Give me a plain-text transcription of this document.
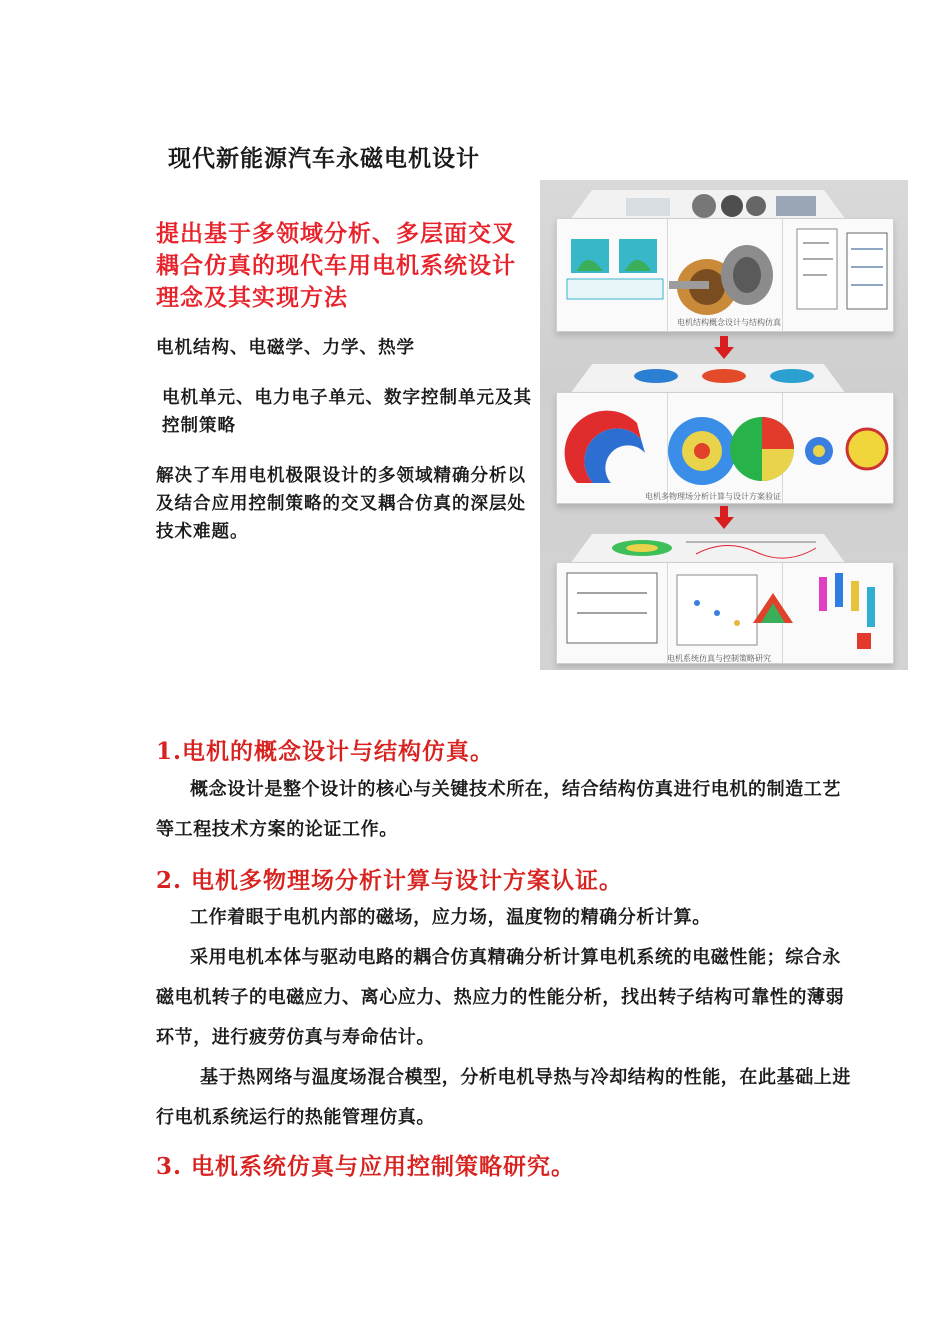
现代新能源汽车永磁电机设计
提出基于多领域分析、多层面交叉耦合仿真的现代车用电机系统设计理念及其实现方法
电机结构、电磁学、力学、热学
电机单元、电力电子单元、数字控制单元及其控制策略
解决了车用电机极限设计的多领域精确分析以及结合应用控制策略的交叉耦合仿真的深层处技术难题。
电机结构概念设计与结构仿真
电机多物理场分析计算与设计方案验证
电机系统仿真与控制策略研究
1.电机的概念设计与结构仿真。
概念设计是整个设计的核心与关键技术所在，结合结构仿真进行电机的制造工艺等工程技术方案的论证工作。
2. 电机多物理场分析计算与设计方案认证。
工作着眼于电机内部的磁场，应力场，温度物的精确分析计算。
采用电机本体与驱动电路的耦合仿真精确分析计算电机系统的电磁性能；综合永磁电机转子的电磁应力、离心应力、热应力的性能分析，找出转子结构可靠性的薄弱环节，进行疲劳仿真与寿命估计。
基于热网络与温度场混合模型，分析电机导热与冷却结构的性能，在此基础上进行电机系统运行的热能管理仿真。
3. 电机系统仿真与应用控制策略研究。
